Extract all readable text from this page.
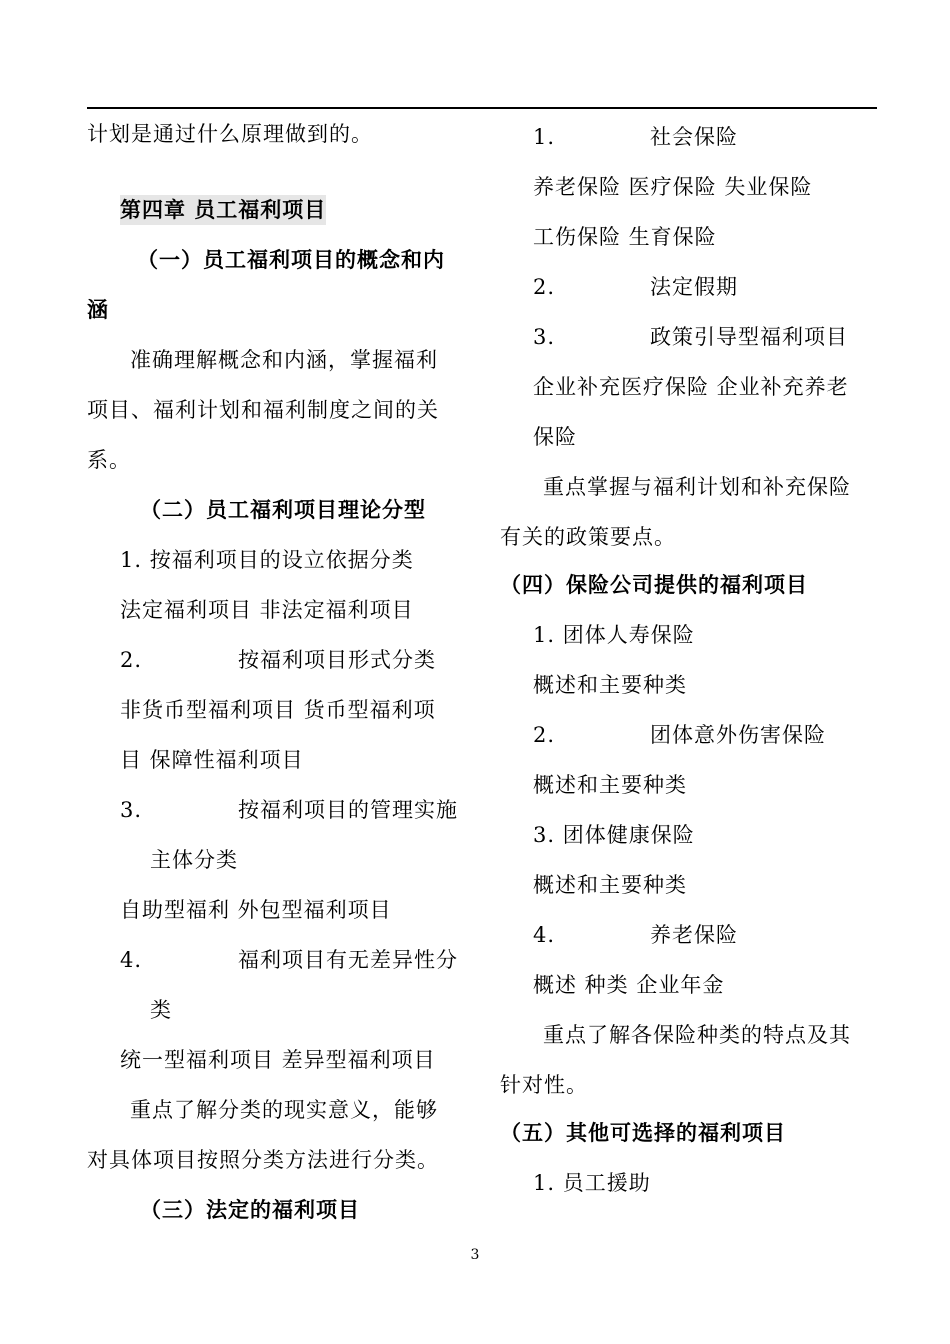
计划是通过什么原理做到的。
第四章 员工福利项目
（一）员工福利项目的概念和内
涵
准确理解概念和内涵，掌握福利
项目、福利计划和福利制度之间的关
系。
（二）员工福利项目理论分型
1. 按福利项目的设立依据分类
法定福利项目 非法定福利项目
2.	按福利项目形式分类
非货币型福利项目 货币型福利项
目 保障性福利项目
3.	按福利项目的管理实施
主体分类
自助型福利 外包型福利项目
4.	福利项目有无差异性分
类
统一型福利项目 差异型福利项目
重点了解分类的现实意义，能够
对具体项目按照分类方法进行分类。
（三）法定的福利项目
1.	社会保险
养老保险 医疗保险 失业保险
工伤保险 生育保险
2.	法定假期
3.	政策引导型福利项目
企业补充医疗保险 企业补充养老
保险
重点掌握与福利计划和补充保险
有关的政策要点。
（四）保险公司提供的福利项目
1. 团体人寿保险
概述和主要种类
2.	团体意外伤害保险
概述和主要种类
3. 团体健康保险
概述和主要种类
4.	养老保险
概述 种类 企业年金
重点了解各保险种类的特点及其
针对性。
（五）其他可选择的福利项目
1. 员工援助
3
